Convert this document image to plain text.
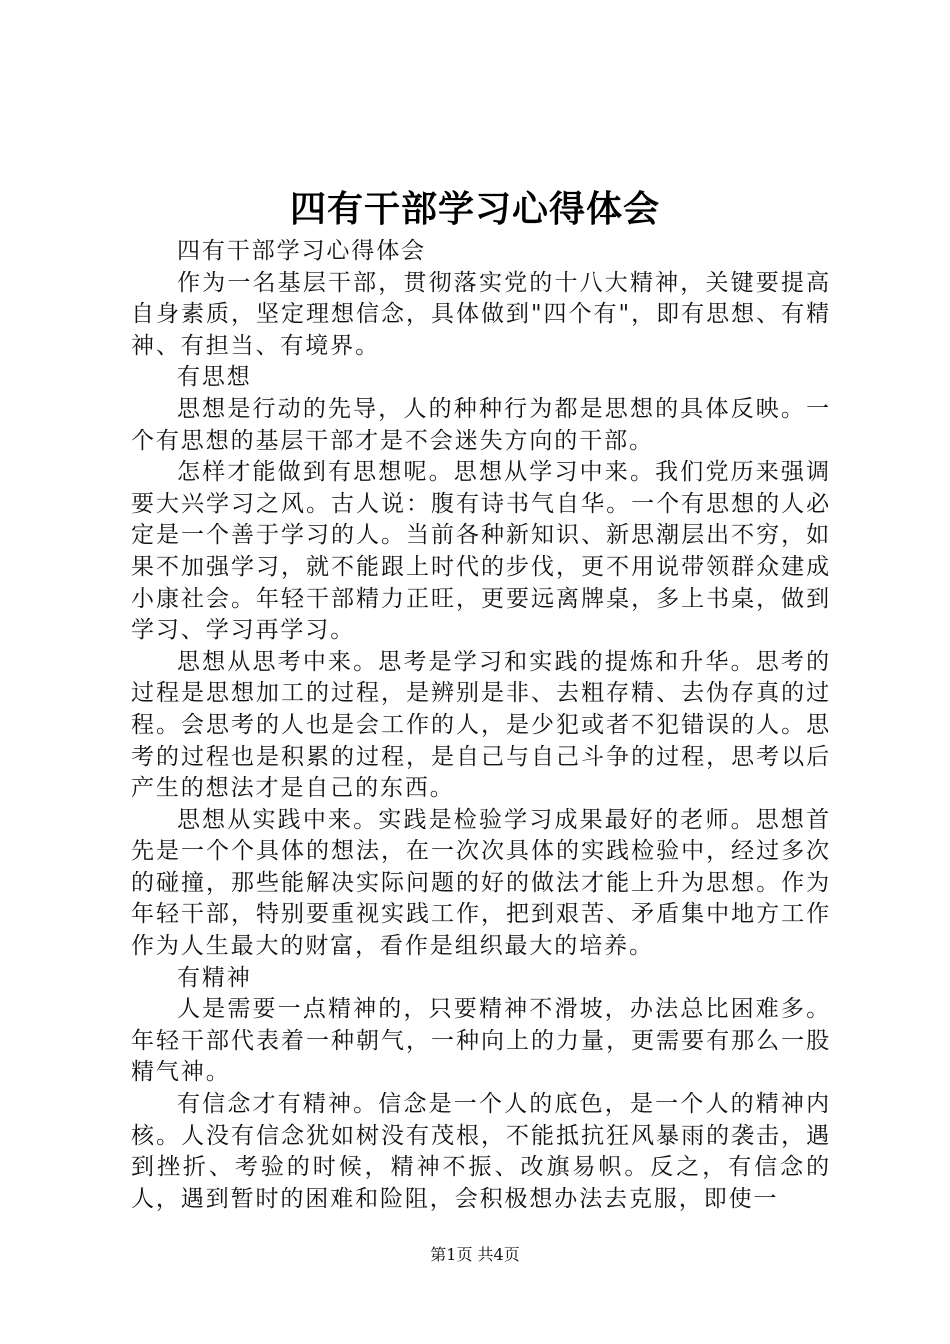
四有干部学习心得体会

四有干部学习心得体会

作为一名基层干部，贯彻落实党的十八大精神，关键要提高自身素质，坚定理想信念，具体做到"四个有"，即有思想、有精神、有担当、有境界。

有思想

思想是行动的先导，人的种种行为都是思想的具体反映。一个有思想的基层干部才是不会迷失方向的干部。

怎样才能做到有思想呢。思想从学习中来。我们党历来强调要大兴学习之风。古人说：腹有诗书气自华。一个有思想的人必定是一个善于学习的人。当前各种新知识、新思潮层出不穷，如果不加强学习，就不能跟上时代的步伐，更不用说带领群众建成小康社会。年轻干部精力正旺，更要远离牌桌，多上书桌，做到学习、学习再学习。

思想从思考中来。思考是学习和实践的提炼和升华。思考的过程是思想加工的过程，是辨别是非、去粗存精、去伪存真的过程。会思考的人也是会工作的人，是少犯或者不犯错误的人。思考的过程也是积累的过程，是自己与自己斗争的过程，思考以后产生的想法才是自己的东西。

思想从实践中来。实践是检验学习成果最好的老师。思想首先是一个个具体的想法，在一次次具体的实践检验中，经过多次的碰撞，那些能解决实际问题的好的做法才能上升为思想。作为年轻干部，特别要重视实践工作，把到艰苦、矛盾集中地方工作作为人生最大的财富，看作是组织最大的培养。

有精神

人是需要一点精神的，只要精神不滑坡，办法总比困难多。年轻干部代表着一种朝气，一种向上的力量，更需要有那么一股精气神。

有信念才有精神。信念是一个人的底色，是一个人的精神内核。人没有信念犹如树没有茂根，不能抵抗狂风暴雨的袭击，遇到挫折、考验的时候，精神不振、改旗易帜。反之，有信念的人，遇到暂时的困难和险阻，会积极想办法去克服，即使一

第1页 共4页
